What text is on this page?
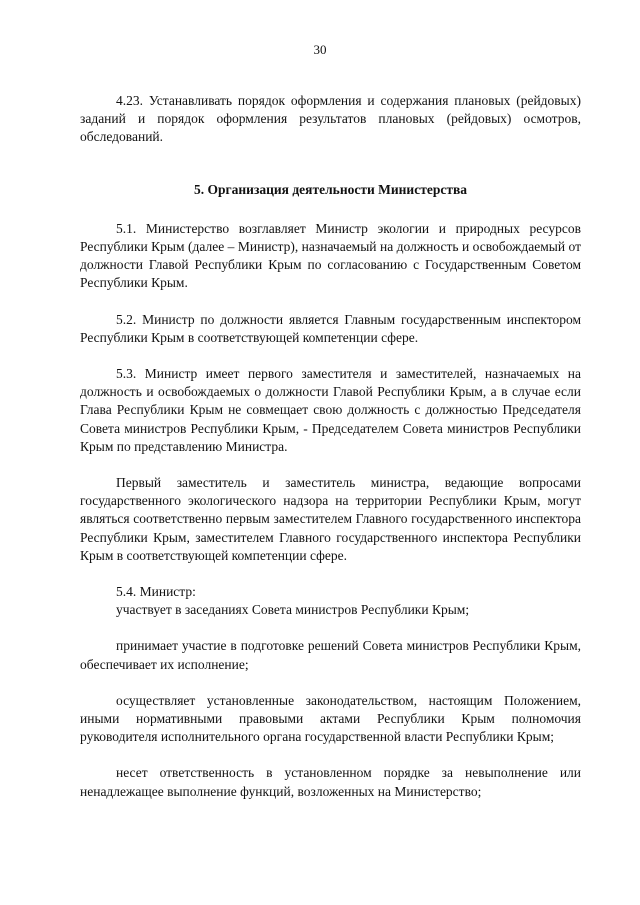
30

4.23. Устанавливать порядок оформления и содержания плановых (рейдовых) заданий и порядок оформления результатов плановых (рейдовых) осмотров, обследований.

5. Организация деятельности Министерства

5.1. Министерство возглавляет Министр экологии и природных ресурсов Республики Крым (далее – Министр), назначаемый на должность и освобождаемый от должности Главой Республики Крым по согласованию с Государственным Советом Республики Крым.

5.2. Министр по должности является Главным государственным инспектором Республики Крым в соответствующей компетенции сфере.

5.3. Министр имеет первого заместителя и заместителей, назначаемых на должность и освобождаемых о должности Главой Республики Крым, а в случае если Глава Республики Крым не совмещает свою должность с должностью Председателя Совета министров Республики Крым, - Председателем Совета министров Республики Крым по представлению Министра.

Первый заместитель и заместитель министра, ведающие вопросами государственного экологического надзора на территории Республики Крым, могут являться соответственно первым заместителем Главного государственного инспектора Республики Крым, заместителем Главного государственного инспектора Республики Крым в соответствующей компетенции сфере.

5.4. Министр:

участвует в заседаниях Совета министров Республики Крым;

принимает участие в подготовке решений Совета министров Республики Крым, обеспечивает их исполнение;

осуществляет установленные законодательством, настоящим Положением, иными нормативными правовыми актами Республики Крым полномочия руководителя исполнительного органа государственной власти Республики Крым;

несет ответственность в установленном порядке за невыполнение или ненадлежащее выполнение функций, возложенных на Министерство;
